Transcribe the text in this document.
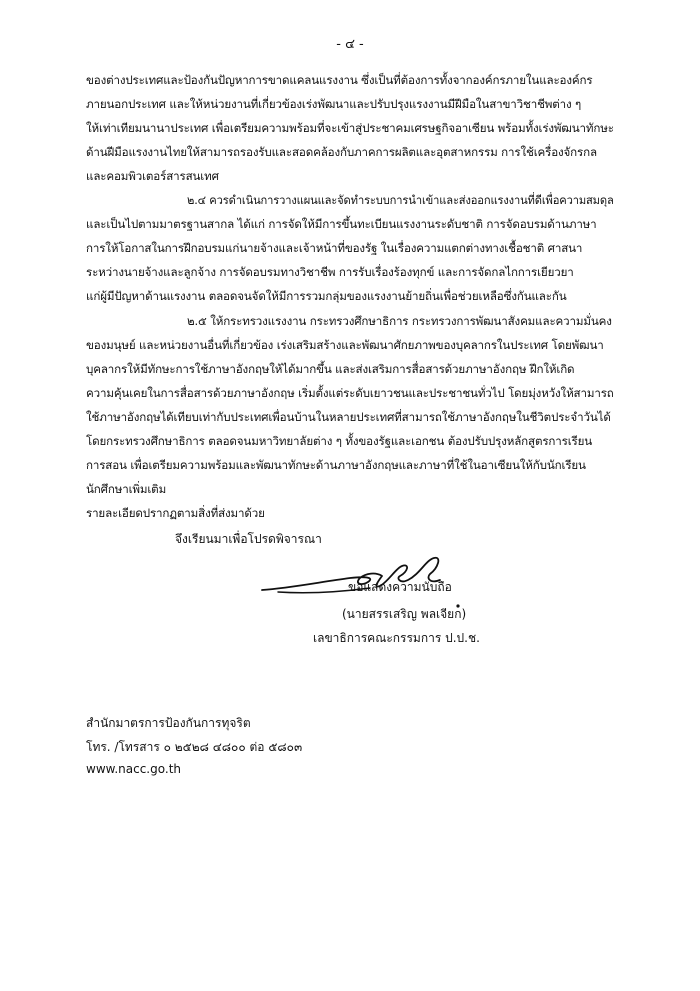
- ๔ -
ของต่างประเทศและป้องกันปัญหาการขาดแคลนแรงงาน ซึ่งเป็นที่ต้องการทั้งจากองค์กรภายในและองค์กร
ภายนอกประเทศ และให้หน่วยงานที่เกี่ยวข้องเร่งพัฒนาและปรับปรุงแรงงานมีฝีมือในสาขาวิชาชีพต่าง ๆ
ให้เท่าเทียมนานาประเทศ เพื่อเตรียมความพร้อมที่จะเข้าสู่ประชาคมเศรษฐกิจอาเซียน พร้อมทั้งเร่งพัฒนาทักษะ
ด้านฝีมือแรงงานไทยให้สามารถรองรับและสอดคล้องกับภาคการผลิตและอุตสาหกรรม การใช้เครื่องจักรกล
และคอมพิวเตอร์สารสนเทศ
๒.๔ ควรดำเนินการวางแผนและจัดทำระบบการนำเข้าและส่งออกแรงงานที่ดีเพื่อความสมดุล
และเป็นไปตามมาตรฐานสากล ได้แก่ การจัดให้มีการขึ้นทะเบียนแรงงานระดับชาติ การจัดอบรมด้านภาษา
การให้โอกาสในการฝึกอบรมแก่นายจ้างและเจ้าหน้าที่ของรัฐ ในเรื่องความแตกต่างทางเชื้อชาติ ศาสนา
ระหว่างนายจ้างและลูกจ้าง การจัดอบรมทางวิชาชีพ การรับเรื่องร้องทุกข์ และการจัดกลไกการเยียวยา
แก่ผู้มีปัญหาด้านแรงงาน ตลอดจนจัดให้มีการรวมกลุ่มของแรงงานย้ายถิ่นเพื่อช่วยเหลือซึ่งกันและกัน
๒.๕ ให้กระทรวงแรงงาน กระทรวงศึกษาธิการ กระทรวงการพัฒนาสังคมและความมั่นคง
ของมนุษย์ และหน่วยงานอื่นที่เกี่ยวข้อง เร่งเสริมสร้างและพัฒนาศักยภาพของบุคลากรในประเทศ โดยพัฒนา
บุคลากรให้มีทักษะการใช้ภาษาอังกฤษให้ได้มากขึ้น และส่งเสริมการสื่อสารด้วยภาษาอังกฤษ ฝึกให้เกิด
ความคุ้นเคยในการสื่อสารด้วยภาษาอังกฤษ เริ่มตั้งแต่ระดับเยาวชนและประชาชนทั่วไป โดยมุ่งหวังให้สามารถ
ใช้ภาษาอังกฤษได้เทียบเท่ากับประเทศเพื่อนบ้านในหลายประเทศที่สามารถใช้ภาษาอังกฤษในชีวิตประจำวันได้
โดยกระทรวงศึกษาธิการ ตลอดจนมหาวิทยาลัยต่าง ๆ ทั้งของรัฐและเอกชน ต้องปรับปรุงหลักสูตรการเรียน
การสอน เพื่อเตรียมความพร้อมและพัฒนาทักษะด้านภาษาอังกฤษและภาษาที่ใช้ในอาเซียนให้กับนักเรียน
นักศึกษาเพิ่มเติม
รายละเอียดปรากฏตามสิ่งที่ส่งมาด้วย
จึงเรียนมาเพื่อโปรดพิจารณา
ขอแสดงความนับถือ
(นายสรรเสริญ พลเจียก)
เลขาธิการคณะกรรมการ ป.ป.ช.
สำนักมาตรการป้องกันการทุจริต
โทร. /โทรสาร ๐ ๒๕๒๘ ๔๘๐๐ ต่อ ๕๘๐๓
www.nacc.go.th
